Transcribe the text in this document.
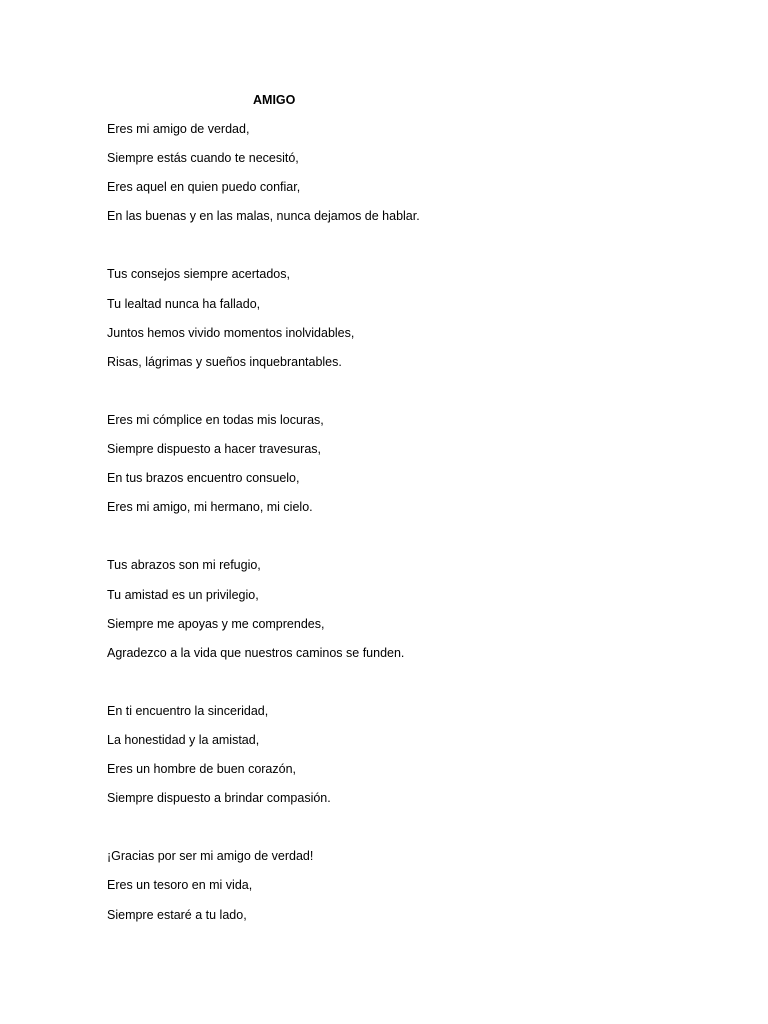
AMIGO
Eres mi amigo de verdad,
Siempre estás cuando te necesitó,
Eres aquel en quien puedo confiar,
En las buenas y en las malas, nunca dejamos de hablar.
Tus consejos siempre acertados,
Tu lealtad nunca ha fallado,
Juntos hemos vivido momentos inolvidables,
Risas, lágrimas y sueños inquebrantables.
Eres mi cómplice en todas mis locuras,
Siempre dispuesto a hacer travesuras,
En tus brazos encuentro consuelo,
Eres mi amigo, mi hermano, mi cielo.
Tus abrazos son mi refugio,
Tu amistad es un privilegio,
Siempre me apoyas y me comprendes,
Agradezco a la vida que nuestros caminos se funden.
En ti encuentro la sinceridad,
La honestidad y la amistad,
Eres un hombre de buen corazón,
Siempre dispuesto a brindar compasión.
¡Gracias por ser mi amigo de verdad!
Eres un tesoro en mi vida,
Siempre estaré a tu lado,
